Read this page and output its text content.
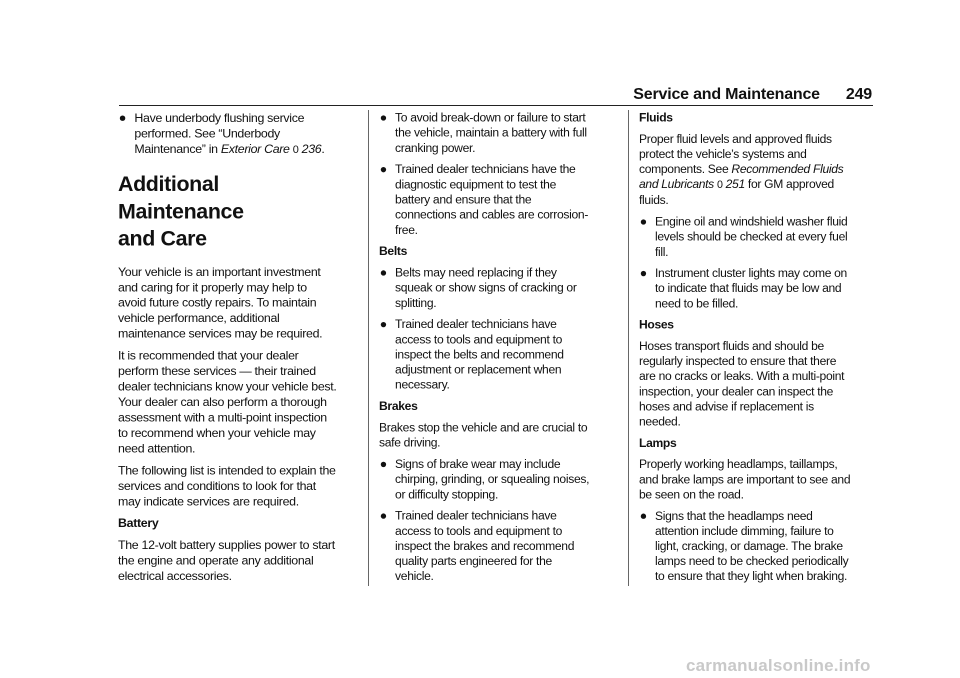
Service and Maintenance 249
Have underbody flushing service performed. See “Underbody Maintenance” in Exterior Care 0 236.
Additional Maintenance
and Care

Your vehicle is an important investment and caring for it properly may help to avoid future costly repairs. To maintain vehicle performance, additional maintenance services may be required.

It is recommended that your dealer perform these services — their trained dealer technicians know your vehicle best. Your dealer can also perform a thorough assessment with a multi-point inspection to recommend when your vehicle may need attention.

The following list is intended to explain the services and conditions to look for that may indicate services are required.

Battery

The 12-volt battery supplies power to start the engine and operate any additional electrical accessories.

To avoid break-down or failure to start the vehicle, maintain a battery with full cranking power.
Trained dealer technicians have the diagnostic equipment to test the battery and ensure that the connections and cables are corrosion-free.
Belts
Belts may need replacing if they squeak or show signs of cracking or splitting.
Trained dealer technicians have access to tools and equipment to inspect the belts and recommend adjustment or replacement when necessary.
Brakes

Brakes stop the vehicle and are crucial to safe driving.

Signs of brake wear may include chirping, grinding, or squealing noises, or difficulty stopping.
Trained dealer technicians have access to tools and equipment to inspect the brakes and recommend quality parts engineered for the vehicle.
Fluids

Proper fluid levels and approved fluids protect the vehicle’s systems and components. See Recommended Fluids and Lubricants 0 251 for GM approved fluids.

Engine oil and windshield washer fluid levels should be checked at every fuel fill.
Instrument cluster lights may come on to indicate that fluids may be low and need to be filled.
Hoses

Hoses transport fluids and should be regularly inspected to ensure that there are no cracks or leaks. With a multi-point inspection, your dealer can inspect the hoses and advise if replacement is needed.

Lamps

Properly working headlamps, taillamps, and brake lamps are important to see and be seen on the road.

Signs that the headlamps need attention include dimming, failure to light, cracking, or damage. The brake lamps need to be checked periodically to ensure that they light when braking.
carmanualsonline.info
